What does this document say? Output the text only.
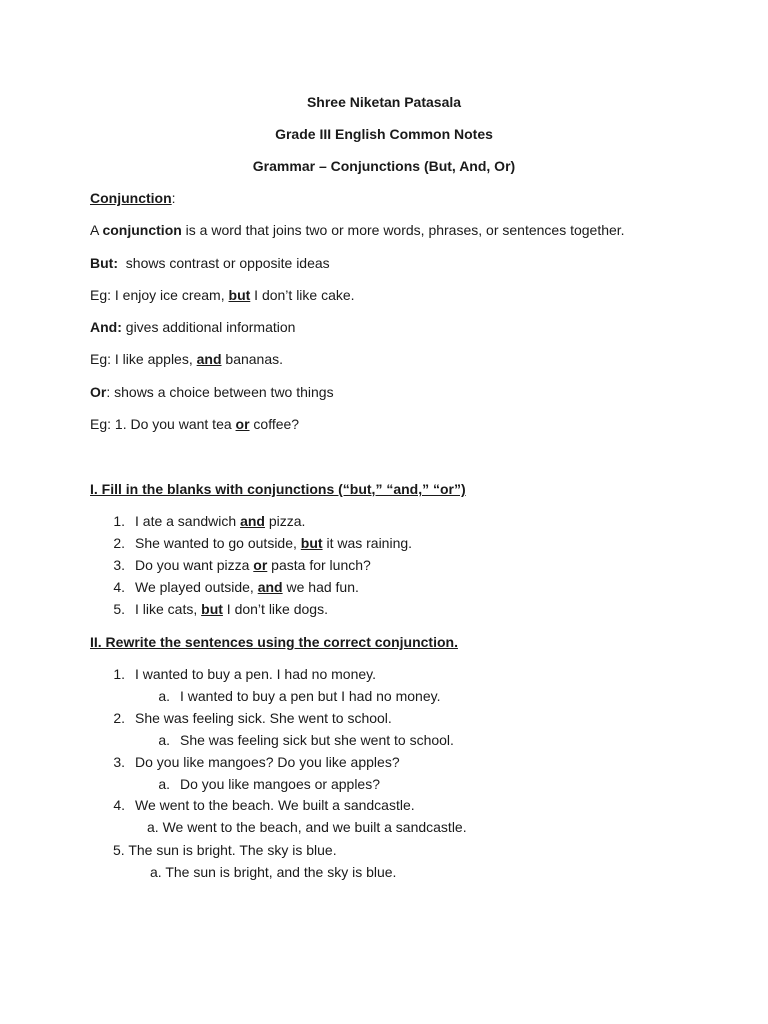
Shree Niketan Patasala
Grade III English Common Notes
Grammar – Conjunctions (But, And, Or)
Conjunction:
A conjunction is a word that joins two or more words, phrases, or sentences together.
But:  shows contrast or opposite ideas
Eg: I enjoy ice cream, but I don’t like cake.
And: gives additional information
Eg: I like apples, and bananas.
Or: shows a choice between two things
Eg: 1. Do you want tea or coffee?
I. Fill in the blanks with conjunctions (“but,” “and,” “or”)
1. I ate a sandwich and pizza.
2. She wanted to go outside, but it was raining.
3. Do you want pizza or pasta for lunch?
4. We played outside, and we had fun.
5. I like cats, but I don’t like dogs.
II. Rewrite the sentences using the correct conjunction.
1. I wanted to buy a pen. I had no money.
a. I wanted to buy a pen but I had no money.
2. She was feeling sick. She went to school.
a. She was feeling sick but she went to school.
3. Do you like mangoes? Do you like apples?
a. Do you like mangoes or apples?
4. We went to the beach. We built a sandcastle.
a. We went to the beach, and we built a sandcastle.
5. The sun is bright. The sky is blue.
a. The sun is bright, and the sky is blue.
